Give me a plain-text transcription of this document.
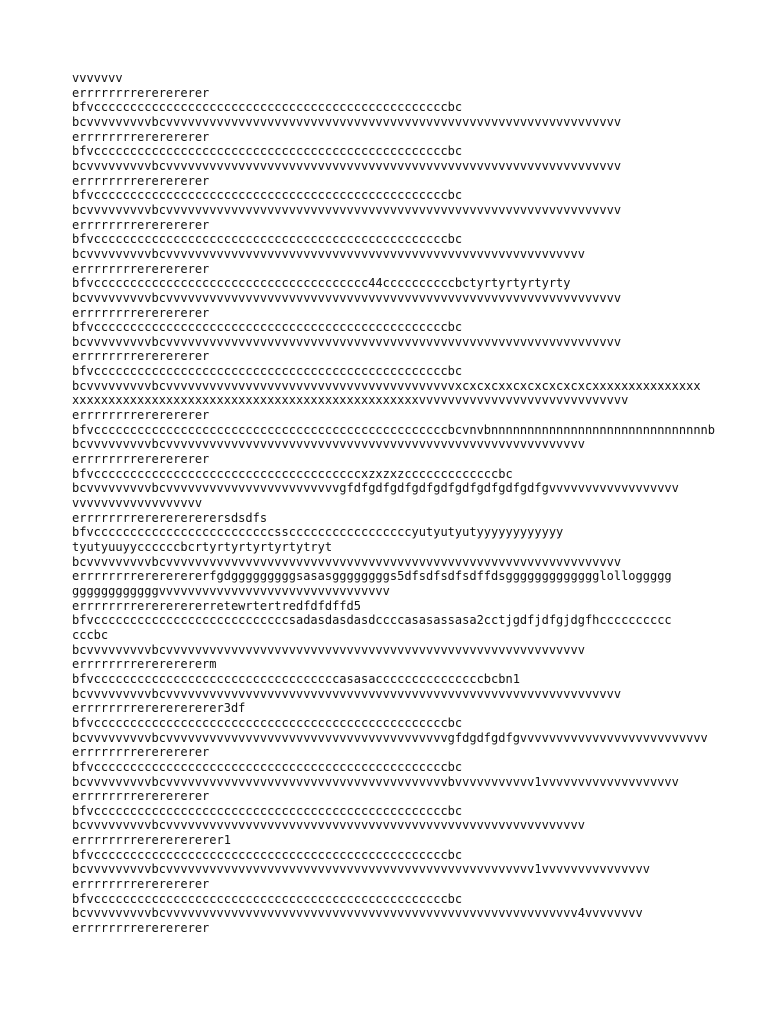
vvvvvvv
errrrrrrrererererer
bfvcccccccccccccccccccccccccccccccccccccccccccccccccbc
bcvvvvvvvvvbcvvvvvvvvvvvvvvvvvvvvvvvvvvvvvvvvvvvvvvvvvvvvvvvvvvvvvvvvvvvvvvv
errrrrrrrererererer
bfvcccccccccccccccccccccccccccccccccccccccccccccccccbc
bcvvvvvvvvvbcvvvvvvvvvvvvvvvvvvvvvvvvvvvvvvvvvvvvvvvvvvvvvvvvvvvvvvvvvvvvvvv
errrrrrrrererererer
bfvcccccccccccccccccccccccccccccccccccccccccccccccccbc
bcvvvvvvvvvbcvvvvvvvvvvvvvvvvvvvvvvvvvvvvvvvvvvvvvvvvvvvvvvvvvvvvvvvvvvvvvvv
errrrrrrrererererer
bfvcccccccccccccccccccccccccccccccccccccccccccccccccbc
bcvvvvvvvvvbcvvvvvvvvvvvvvvvvvvvvvvvvvvvvvvvvvvvvvvvvvvvvvvvvvvvvvvvvvv
errrrrrrrererererer
bfvcccccccccccccccccccccccccccccccccccccc44ccccccccccbctyrtyrtyrtyrty
bcvvvvvvvvvbcvvvvvvvvvvvvvvvvvvvvvvvvvvvvvvvvvvvvvvvvvvvvvvvvvvvvvvvvvvvvvvv
errrrrrrrererererer
bfvcccccccccccccccccccccccccccccccccccccccccccccccccbc
bcvvvvvvvvvbcvvvvvvvvvvvvvvvvvvvvvvvvvvvvvvvvvvvvvvvvvvvvvvvvvvvvvvvvvvvvvvv
errrrrrrrererererer
bfvcccccccccccccccccccccccccccccccccccccccccccccccccbc
bcvvvvvvvvvbcvvvvvvvvvvvvvvvvvvvvvvvvvvvvvvvvvvvvvvvvxcxcxcxxcxcxcxcxcxcxxxxxxxxxxxxxxx
xxxxxxxxxxxxxxxxxxxxxxxxxxxxxxxxxxxxxxxxxxxxxxxxvvvvvvvvvvvvvvvvvvvvvvvvvvvvv
errrrrrrrererererer
bfvcccccccccccccccccccccccccccccccccccccccccccccccccbcvnvbnnnnnnnnnnnnnnnnnnnnnnnnnnnnnnb
bcvvvvvvvvvbcvvvvvvvvvvvvvvvvvvvvvvvvvvvvvvvvvvvvvvvvvvvvvvvvvvvvvvvvvv
errrrrrrrererererer
bfvcccccccccccccccccccccccccccccccccccccxzxzxzcccccccccccccbc
bcvvvvvvvvvbcvvvvvvvvvvvvvvvvvvvvvvvvgfdfgdfgdfgdfgdfgdfgdfgdfgdfgvvvvvvvvvvvvvvvvvv
vvvvvvvvvvvvvvvvvv
errrrrrrrerererererersdsdfs
bfvcccccccccccccccccccccccccsscccccccccccccccccyutyutyutyyyyyyyyyyyy
tyutyuuyyccccccbcrtyrtyrtyrtyrtytryt
bcvvvvvvvvvbcvvvvvvvvvvvvvvvvvvvvvvvvvvvvvvvvvvvvvvvvvvvvvvvvvvvvvvvvvvvvvvv
errrrrrrrerererererfgdgggggggggsasasggggggggs5dfsdfsdfsdffdsggggggggggggglolloggggg
ggggggggggggvvvvvvvvvvvvvvvvvvvvvvvvvvvvvvvv
errrrrrrrerererererretewrtertredfdfdffd5
bfvcccccccccccccccccccccccccccsadasdasdasdccccasasassasa2cctjgdfjdfgjdgfhcccccccccc
cccbc
bcvvvvvvvvvbcvvvvvvvvvvvvvvvvvvvvvvvvvvvvvvvvvvvvvvvvvvvvvvvvvvvvvvvvvv
errrrrrrrerererererm
bfvccccccccccccccccccccccccccccccccccasasacccccccccccccccbcbn1
bcvvvvvvvvvbcvvvvvvvvvvvvvvvvvvvvvvvvvvvvvvvvvvvvvvvvvvvvvvvvvvvvvvvvvvvvvvv
errrrrrrrerererererer3df
bfvcccccccccccccccccccccccccccccccccccccccccccccccccbc
bcvvvvvvvvvbcvvvvvvvvvvvvvvvvvvvvvvvvvvvvvvvvvvvvvvvgfdgdfgdfgvvvvvvvvvvvvvvvvvvvvvvvvvv
errrrrrrrererererer
bfvcccccccccccccccccccccccccccccccccccccccccccccccccbc
bcvvvvvvvvvbcvvvvvvvvvvvvvvvvvvvvvvvvvvvvvvvvvvvvvvvbvvvvvvvvvvv1vvvvvvvvvvvvvvvvvvv
errrrrrrrererererer
bfvcccccccccccccccccccccccccccccccccccccccccccccccccbc
bcvvvvvvvvvbcvvvvvvvvvvvvvvvvvvvvvvvvvvvvvvvvvvvvvvvvvvvvvvvvvvvvvvvvvv
errrrrrrrerererererer1
bfvcccccccccccccccccccccccccccccccccccccccccccccccccbc
bcvvvvvvvvvbcvvvvvvvvvvvvvvvvvvvvvvvvvvvvvvvvvvvvvvvvvvvvvvvvvvv1vvvvvvvvvvvvvvv
errrrrrrrererererer
bfvcccccccccccccccccccccccccccccccccccccccccccccccccbc
bcvvvvvvvvvbcvvvvvvvvvvvvvvvvvvvvvvvvvvvvvvvvvvvvvvvvvvvvvvvvvvvvvvvvv4vvvvvvvv
errrrrrrrererererer
